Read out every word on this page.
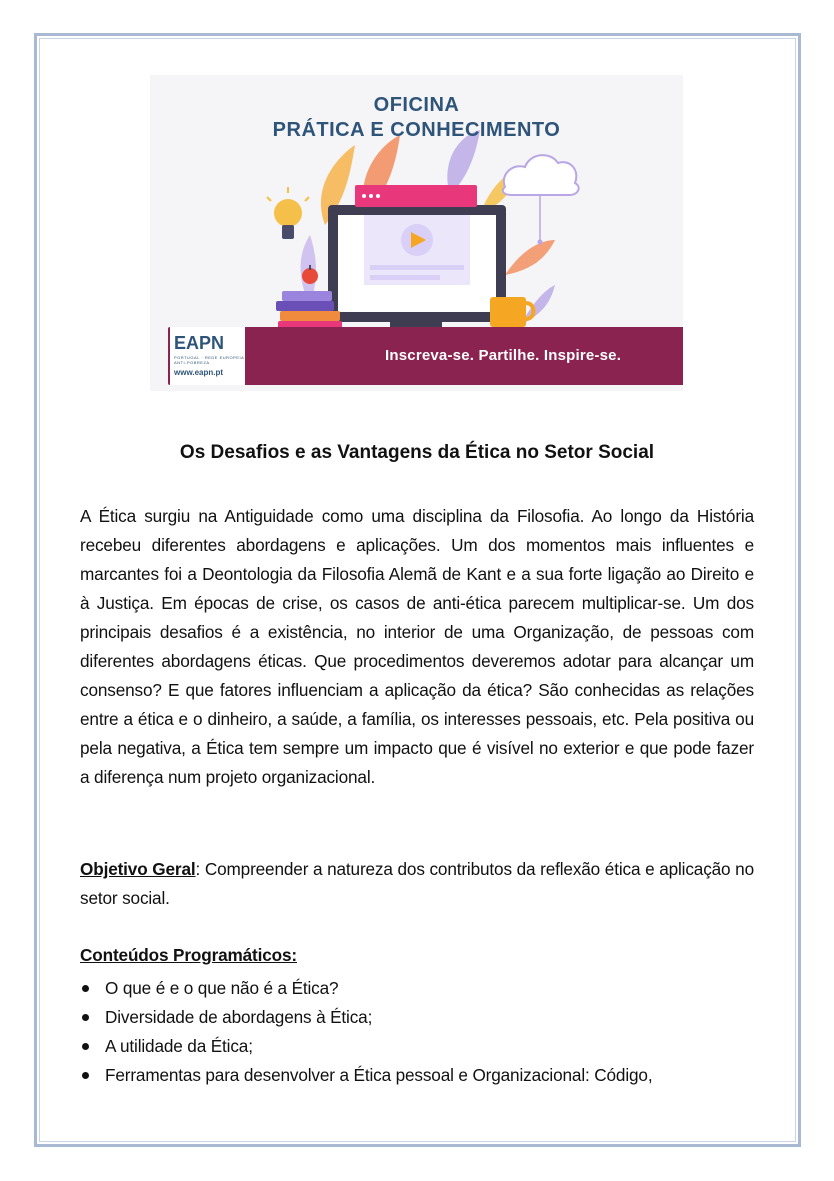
OFICINA
PRÁTICA E CONHECIMENTO
EAPN
PORTUGAL · REDE EUROPEIA ANTI-POBREZA
www.eapn.pt
Inscreva-se. Partilhe. Inspire-se.
Os Desafios e as Vantagens da Ética no Setor Social

A Ética surgiu na Antiguidade como uma disciplina da Filosofia. Ao longo da História recebeu diferentes abordagens e aplicações. Um dos momentos mais influentes e marcantes foi a Deontologia da Filosofia Alemã de Kant e a sua forte ligação ao Direito e à Justiça. Em épocas de crise, os casos de anti-ética parecem multiplicar-se. Um dos principais desafios é a existência, no interior de uma Organização, de pessoas com diferentes abordagens éticas. Que procedimentos deveremos adotar para alcançar um consenso? E que fatores influenciam a aplicação da ética? São conhecidas as relações entre a ética e o dinheiro, a saúde, a família, os interesses pessoais, etc. Pela positiva ou pela negativa, a Ética tem sempre um impacto que é visível no exterior e que pode fazer a diferença num projeto organizacional.

Objetivo Geral: Compreender a natureza dos contributos da reflexão ética e aplicação no setor social.

Conteúdos Programáticos:
O que é e o que não é a Ética?
Diversidade de abordagens à Ética;
A utilidade da Ética;
Ferramentas para desenvolver a Ética pessoal e Organizacional: Código,
